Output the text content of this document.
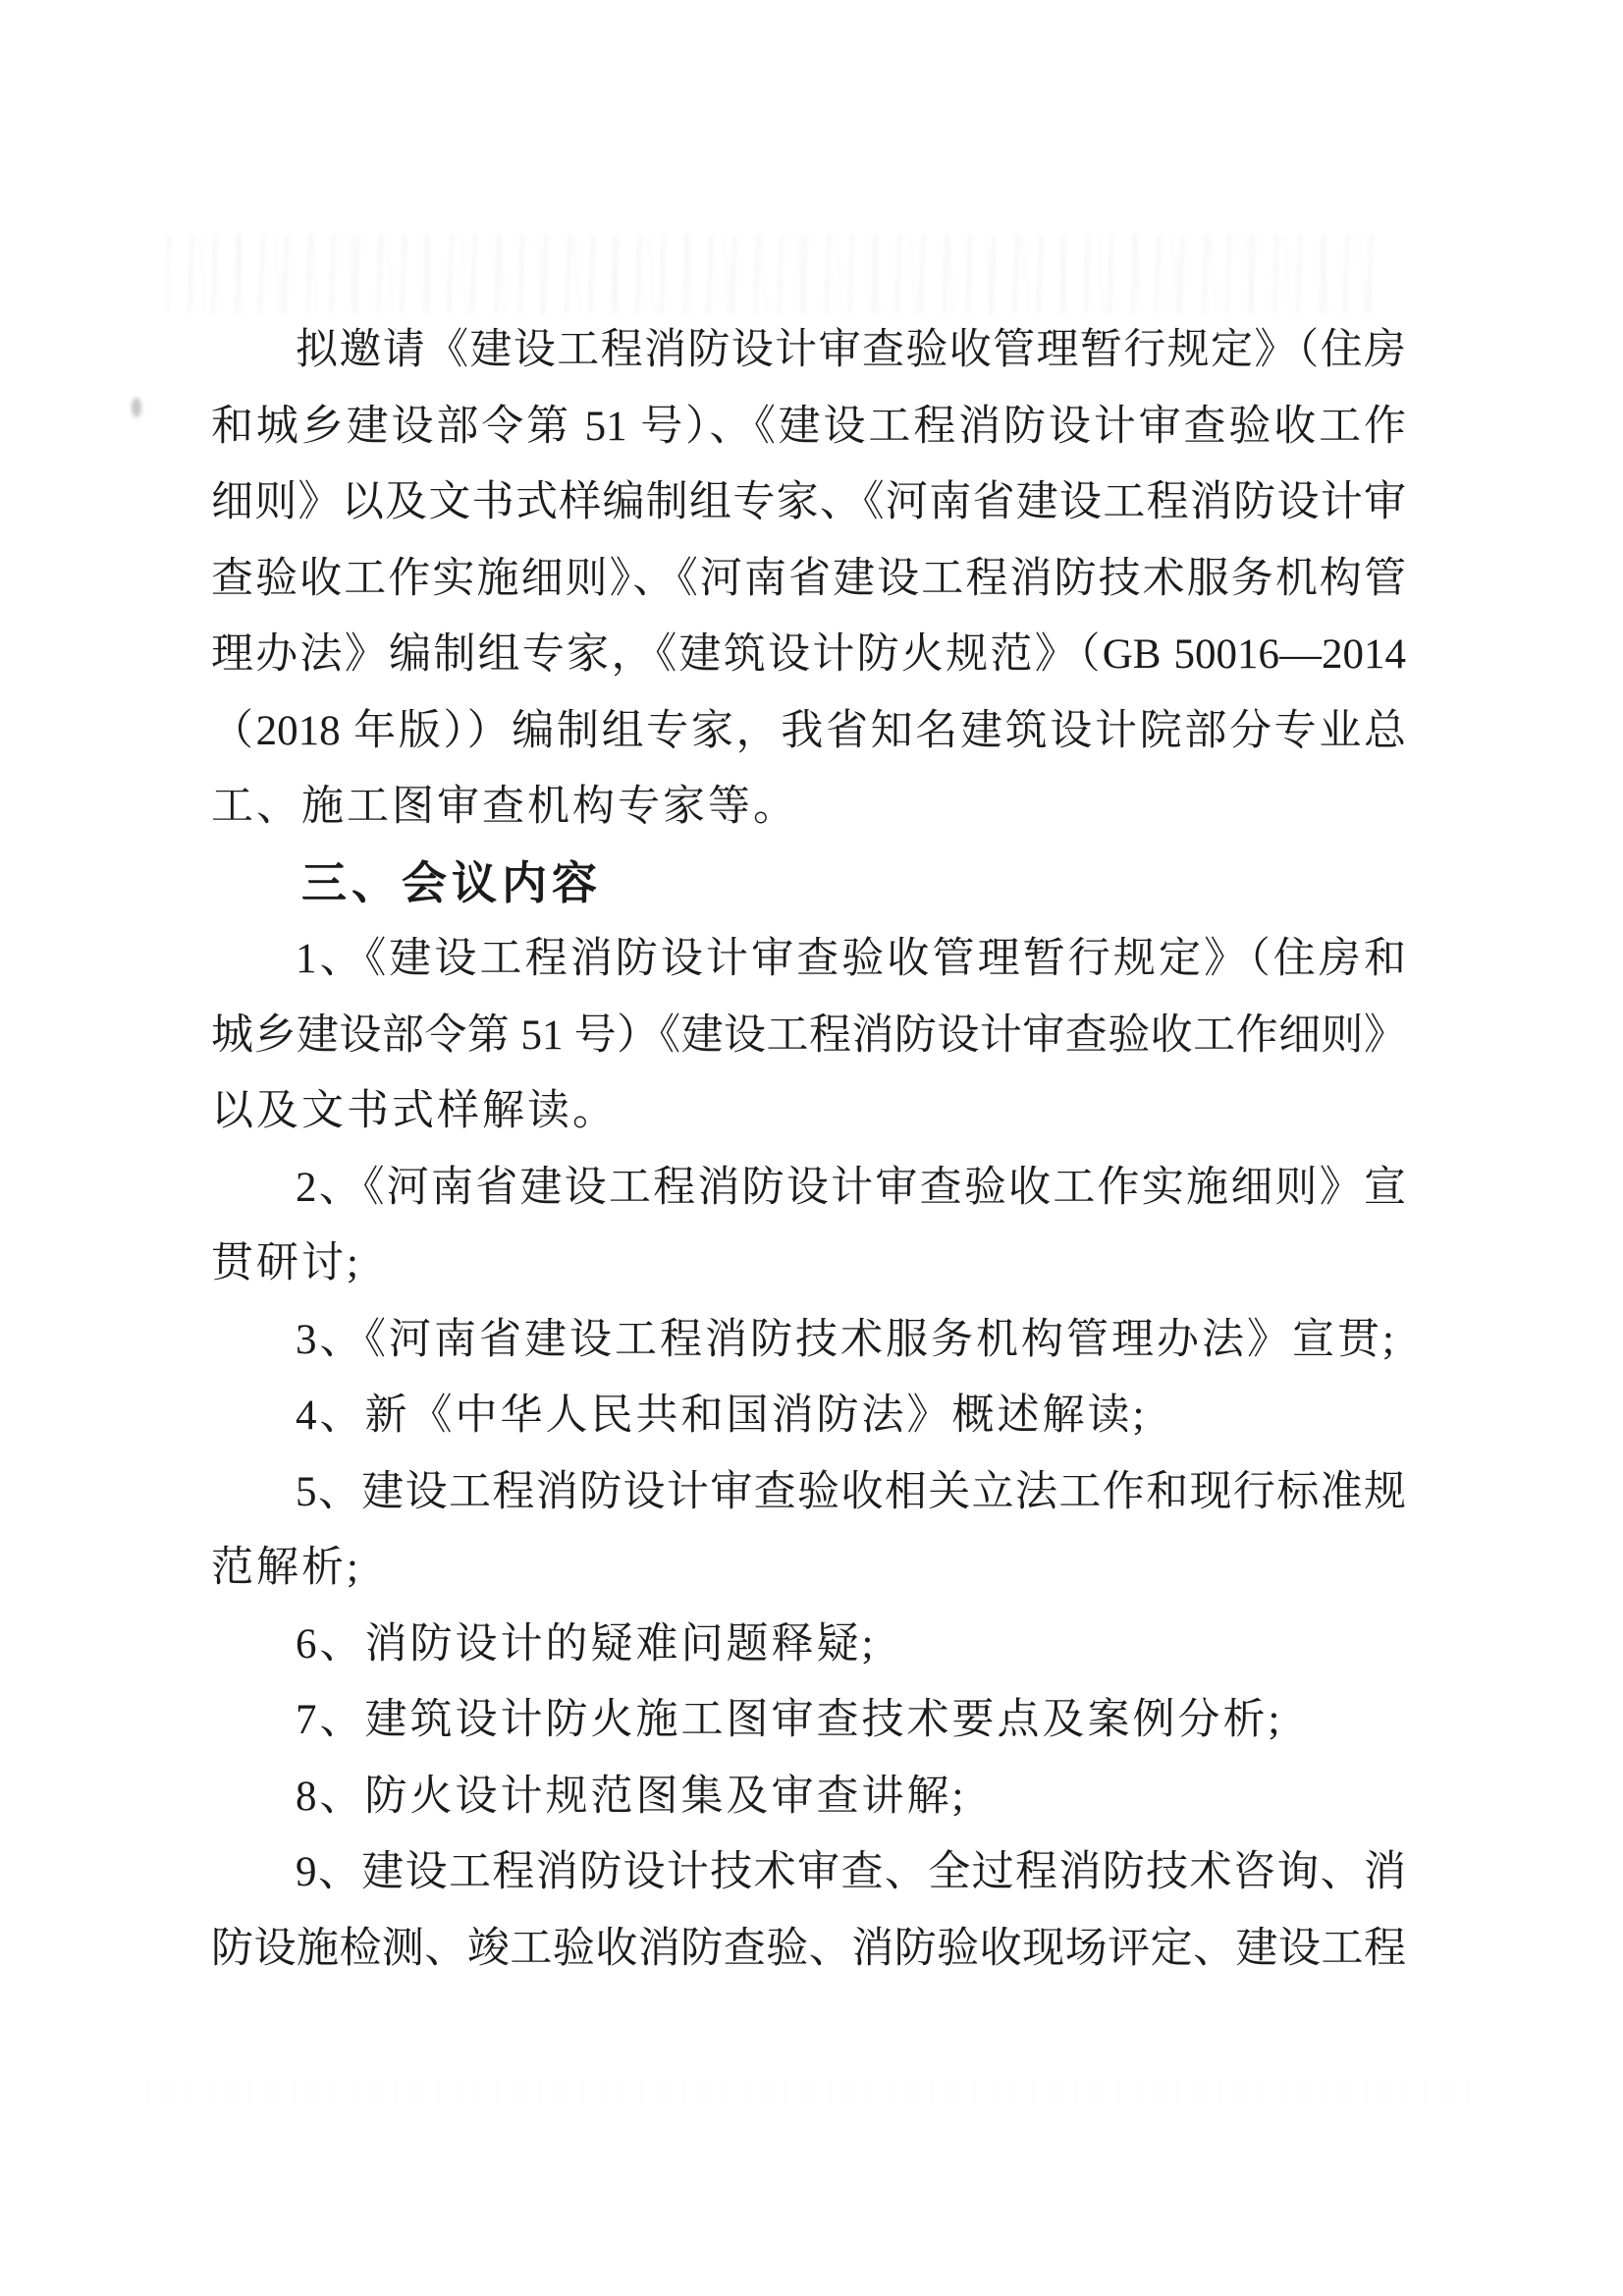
拟邀请《建设工程消防设计审查验收管理暂行规定》（住房

和城乡建设部令第 51 号）、《建设工程消防设计审查验收工作

细则》以及文书式样编制组专家、《河南省建设工程消防设计审

查验收工作实施细则》、《河南省建设工程消防技术服务机构管

理办法》编制组专家，《建筑设计防火规范》（GB 50016—2014

（2018 年版））编制组专家，我省知名建筑设计院部分专业总

工、施工图审查机构专家等。

三、会议内容

1、《建设工程消防设计审查验收管理暂行规定》（住房和

城乡建设部令第 51 号）《建设工程消防设计审查验收工作细则》

以及文书式样解读。

2、《河南省建设工程消防设计审查验收工作实施细则》宣

贯研讨;

3、《河南省建设工程消防技术服务机构管理办法》宣贯;

4、新《中华人民共和国消防法》概述解读;

5、建设工程消防设计审查验收相关立法工作和现行标准规

范解析;

6、消防设计的疑难问题释疑;

7、建筑设计防火施工图审查技术要点及案例分析;

8、防火设计规范图集及审查讲解;

9、建设工程消防设计技术审查、全过程消防技术咨询、消

防设施检测、竣工验收消防查验、消防验收现场评定、建设工程
